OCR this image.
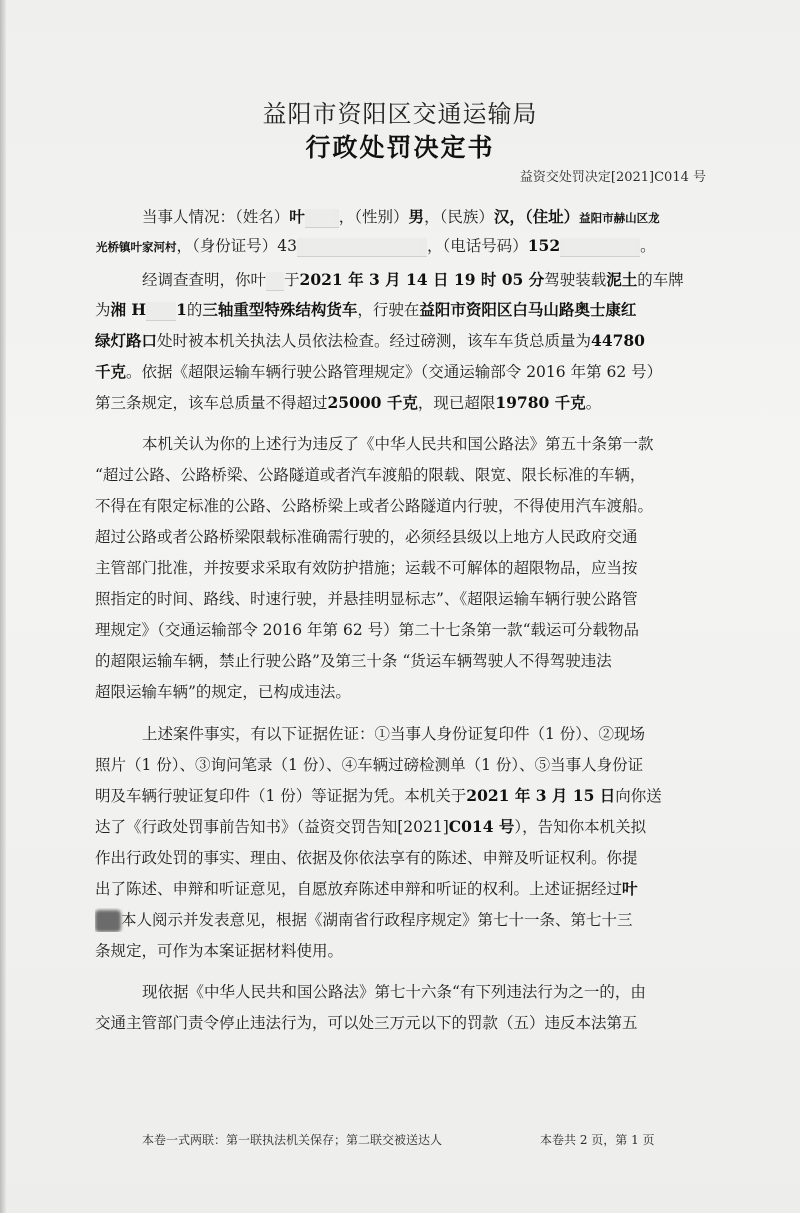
益阳市资阳区交通运输局
行政处罚决定书
益资交处罚决定[2021]C014 号
当事人情况：（姓名）叶 ，（性别）男，（民族）汉，（住址）益阳市赫山区龙
光桥镇叶家河村，（身份证号）43	，（电话号码）152	。
经调查查明，你叶 于2021 年 3 月 14 日 19 时 05 分驾驶装载泥土的车牌
为湘 H 1的三轴重型特殊结构货车，行驶在益阳市资阳区白马山路奥士康红
绿灯路口处时被本机关执法人员依法检查。经过磅测，该车车货总质量为44780
千克。依据《超限运输车辆行驶公路管理规定》（交通运输部令 2016 年第 62 号）
第三条规定，该车总质量不得超过25000 千克，现已超限19780 千克。
本机关认为你的上述行为违反了《中华人民共和国公路法》第五十条第一款
“超过公路、公路桥梁、公路隧道或者汽车渡船的限载、限宽、限长标准的车辆，
不得在有限定标准的公路、公路桥梁上或者公路隧道内行驶，不得使用汽车渡船。
超过公路或者公路桥梁限载标准确需行驶的，必须经县级以上地方人民政府交通
主管部门批准，并按要求采取有效防护措施；运载不可解体的超限物品，应当按
照指定的时间、路线、时速行驶，并悬挂明显标志”、《超限运输车辆行驶公路管
理规定》（交通运输部令 2016 年第 62 号）第二十七条第一款“载运可分载物品
的超限运输车辆，禁止行驶公路”及第三十条 “货运车辆驾驶人不得驾驶违法
超限运输车辆”的规定，已构成违法。
上述案件事实，有以下证据佐证：①当事人身份证复印件（1 份）、②现场
照片（1 份）、③询问笔录（1 份）、④车辆过磅检测单（1 份）、⑤当事人身份证
明及车辆行驶证复印件（1 份）等证据为凭。本机关于2021 年 3 月 15 日向你送
达了《行政处罚事前告知书》（益资交罚告知[2021]C014 号），告知你本机关拟
作出行政处罚的事实、理由、依据及你依法享有的陈述、申辩及听证权利。你提
出了陈述、申辩和听证意见，自愿放弃陈述申辩和听证的权利。上述证据经过叶
本人阅示并发表意见，根据《湖南省行政程序规定》第七十一条、第七十三
条规定，可作为本案证据材料使用。
现依据《中华人民共和国公路法》第七十六条“有下列违法行为之一的，由
交通主管部门责令停止违法行为，可以处三万元以下的罚款（五）违反本法第五
本卷一式两联：第一联执法机关保存；第二联交被送达人	本卷共 2 页，第 1 页
